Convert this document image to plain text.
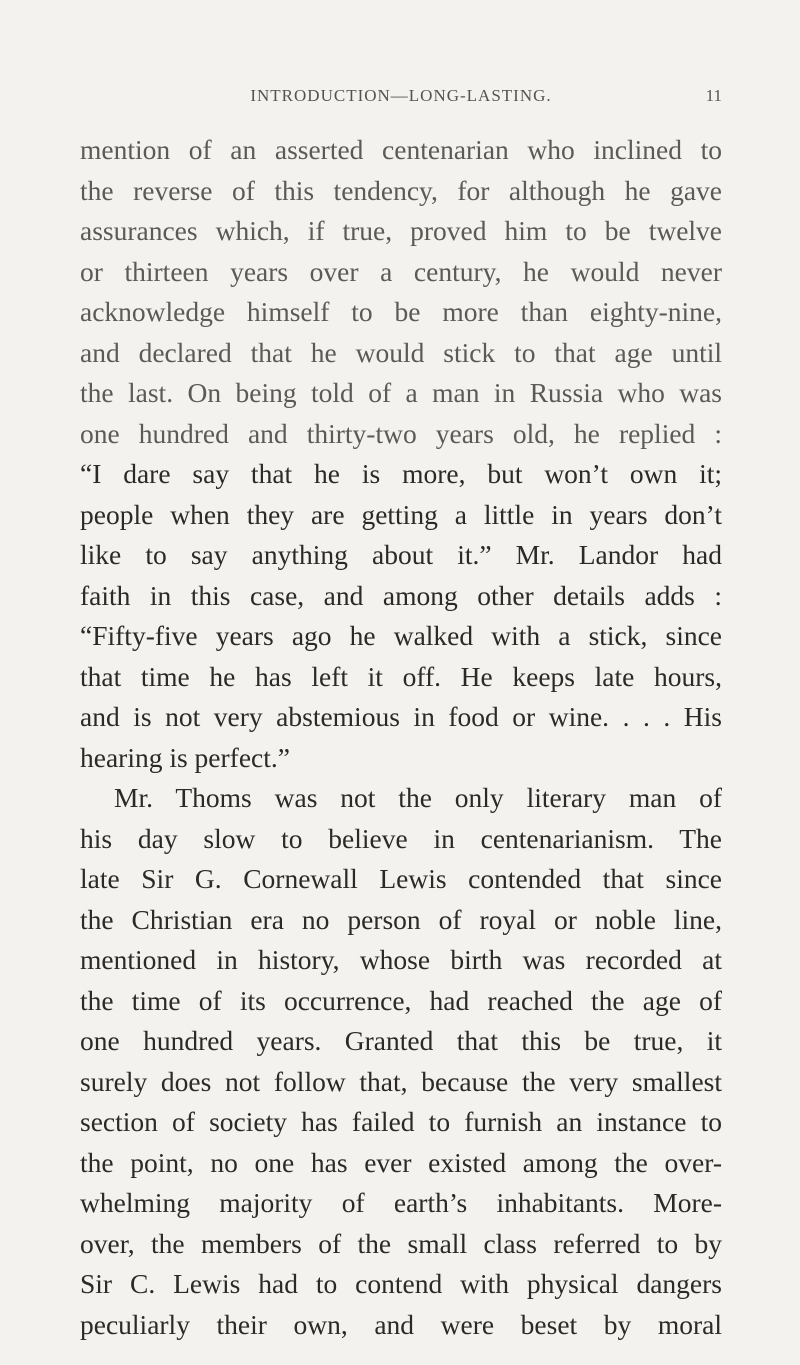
INTRODUCTION—LONG-LASTING.	11
mention of an asserted centenarian who inclined to
the reverse of this tendency, for although he gave
assurances which, if true, proved him to be twelve
or thirteen years over a century, he would never
acknowledge himself to be more than eighty-nine,
and declared that he would stick to that age until
the last. On being told of a man in Russia who was
one hundred and thirty-two years old, he replied :
“I dare say that he is more, but won’t own it;
people when they are getting a little in years don’t
like to say anything about it.” Mr. Landor had
faith in this case, and among other details adds :
“Fifty-five years ago he walked with a stick, since
that time he has left it off. He keeps late hours,
and is not very abstemious in food or wine. . . . His
hearing is perfect.”
Mr. Thoms was not the only literary man of
his day slow to believe in centenarianism. The
late Sir G. Cornewall Lewis contended that since
the Christian era no person of royal or noble line,
mentioned in history, whose birth was recorded at
the time of its occurrence, had reached the age of
one hundred years. Granted that this be true, it
surely does not follow that, because the very smallest
section of society has failed to furnish an instance to
the point, no one has ever existed among the over-
whelming majority of earth’s inhabitants. More-
over, the members of the small class referred to by
Sir C. Lewis had to contend with physical dangers
peculiarly their own, and were beset by moral
